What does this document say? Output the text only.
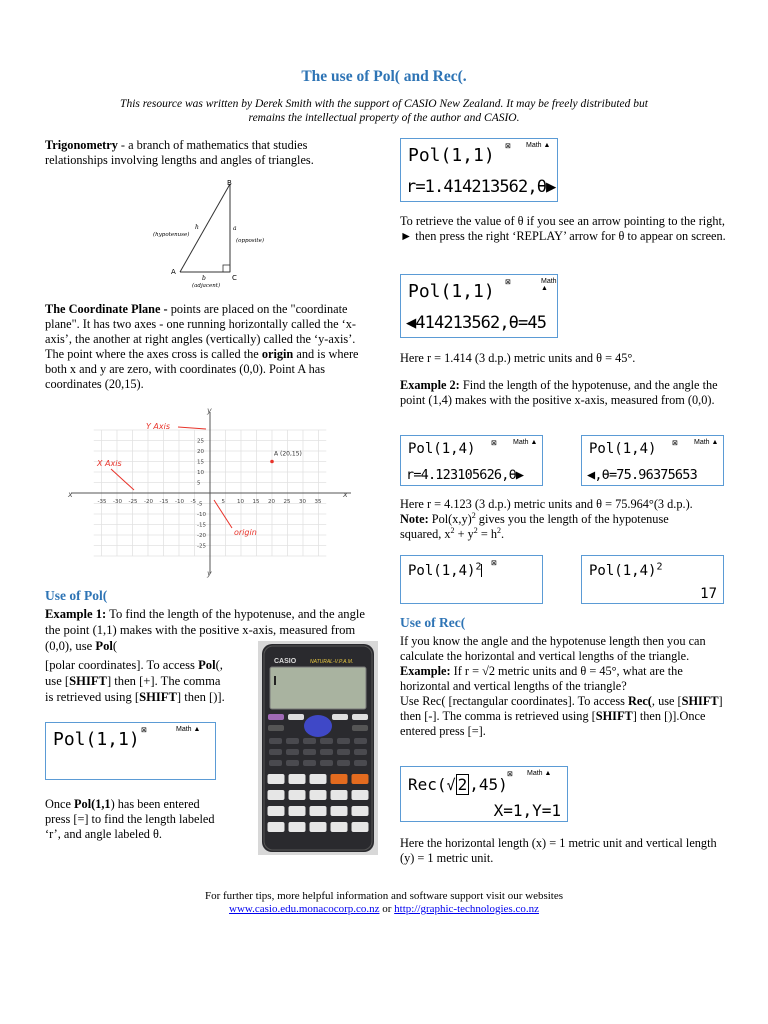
The use of Pol( and Rec(.
This resource was written by Derek Smith with the support of CASIO New Zealand. It may be freely distributed but
remains the intellectual property of the author and CASIO.

Trigonometry - a branch of mathematics that studies relationships involving lengths and angles of triangles.

B
A
C
a
h
b
(hypotenuse)
(opposite)
(adjacent)

The Coordinate Plane - points are placed on the "coordinate plane". It has two axes - one running horizontally called the ‘x-axis’, the another at right angles (vertically) called the ‘y-axis’. The point where the axes cross is called the origin and is where both x and y are zero, with coordinates (0,0). Point A has coordinates (20,15).

-35 -30 -25 -20 -15 -10 -5	5 10 15 20 25 30 35
25
20
15
10
5
-5
-10
-15
-20
-25
x	x
y
y
Y Axis
X Axis
origin
A (20,15)
Use of Pol(

Example 1: To find the length of the hypotenuse, and the angle the point (1,1) makes with the positive x-axis, measured from (0,0), use Pol(

[polar coordinates]. To access Pol(,
use [SHIFT] then [+]. The comma
is retrieved using [SHIFT] then [)].

⊠	Math ▲
Pol(1,1)

Once Pol(1,1) has been entered
press [=] to find the length labeled
‘r’, and angle labeled θ.

CASIO	NATURAL-V.P.A.M.
⊠ Math ▲
Pol(1,1)
r=1.414213562,θ▶

To retrieve the value of θ if you see an arrow pointing to the right, ► then press the right ‘REPLAY’ arrow for θ to appear on screen.

⊠	Math ▲
Pol(1,1)
◀414213562,θ=45

Here r = 1.414 (3 d.p.) metric units and θ = 45°.

Example 2: Find the length of the hypotenuse, and the angle the point (1,4) makes with the positive x-axis, measured from (0,0).

⊠ Math ▲
Pol(1,4)
r=4.123105626,θ▶
⊠ Math ▲
Pol(1,4)
◀,θ=75.96375653

Here r = 4.123 (3 d.p.) metric units and θ = 75.964°(3 d.p.).
Note: $Pol(x,y)^2$ gives you the length of the hypotenuse
squared, $x^2 + y^2 = h^2$.

⊠
$Pol(1,4)^2$	$Pol(1,4)^2$
17
Use of Rec(

If you know the angle and the hypotenuse length then you can calculate the horizontal and vertical lengths of the triangle.
Example: If r = √2 metric units and θ = 45°, what are the horizontal and vertical lengths of the triangle?
Use Rec( [rectangular coordinates]. To access Rec(, use [SHIFT] then [-]. The comma is retrieved using [SHIFT] then [)].Once entered press [=].

⊠ Math ▲
Rec(√ 2 ,45)
X=1,Y=1

Here the horizontal length (x) = 1 metric unit and vertical length (y) = 1 metric unit.

For further tips, more helpful information and software support visit our websites
www.casio.edu.monacocorp.co.nz or http://graphic-technologies.co.nz
